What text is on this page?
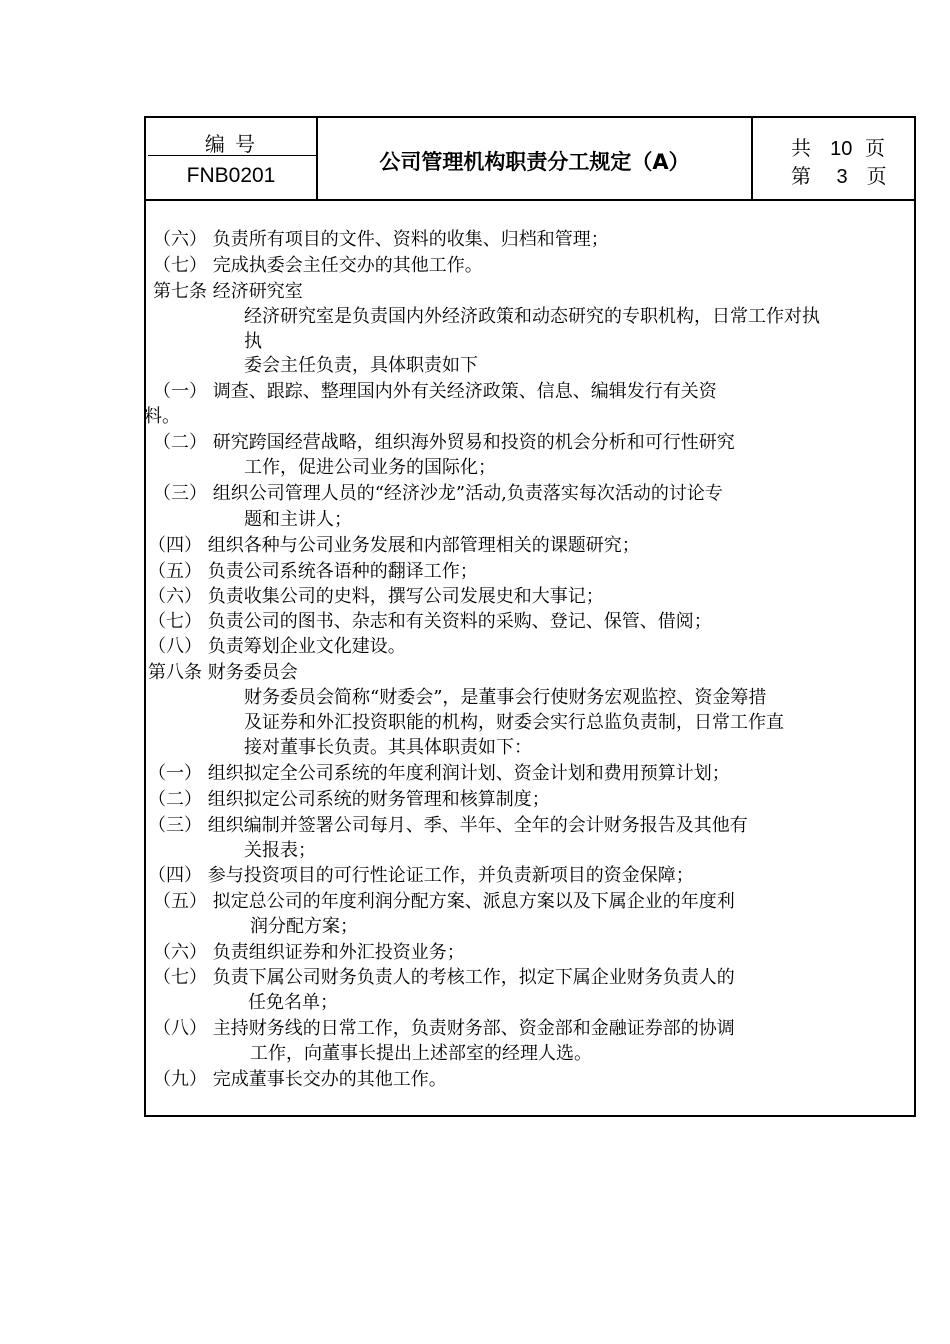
编 号
FNB0201
公司管理机构职责分工规定（A）
共 10 页
第 3 页
（六） 负责所有项目的文件、资料的收集、归档和管理；
（七） 完成执委会主任交办的其他工作。
第七条 经济研究室
经济研究室是负责国内外经济政策和动态研究的专职机构，日常工作对执
执
委会主任负责，具体职责如下
（一） 调查、跟踪、整理国内外有关经济政策、信息、编辑发行有关资
料。
（二） 研究跨国经营战略，组织海外贸易和投资的机会分析和可行性研究
工作，促进公司业务的国际化；
（三） 组织公司管理人员的“经济沙龙”活动,负责落实每次活动的讨论专
题和主讲人；
（四） 组织各种与公司业务发展和内部管理相关的课题研究；
（五） 负责公司系统各语种的翻译工作；
（六） 负责收集公司的史料，撰写公司发展史和大事记；
（七） 负责公司的图书、杂志和有关资料的采购、登记、保管、借阅；
（八） 负责筹划企业文化建设。
第八条 财务委员会
财务委员会简称“财委会”，是董事会行使财务宏观监控、资金筹措
及证券和外汇投资职能的机构，财委会实行总监负责制，日常工作直
接对董事长负责。其具体职责如下：
（一） 组织拟定全公司系统的年度利润计划、资金计划和费用预算计划；
（二） 组织拟定公司系统的财务管理和核算制度；
（三） 组织编制并签署公司每月、季、半年、全年的会计财务报告及其他有
关报表；
（四） 参与投资项目的可行性论证工作，并负责新项目的资金保障；
（五） 拟定总公司的年度利润分配方案、派息方案以及下属企业的年度利
润分配方案；
（六） 负责组织证券和外汇投资业务；
（七） 负责下属公司财务负责人的考核工作，拟定下属企业财务负责人的
任免名单；
（八） 主持财务线的日常工作，负责财务部、资金部和金融证券部的协调
工作，向董事长提出上述部室的经理人选。
（九） 完成董事长交办的其他工作。
